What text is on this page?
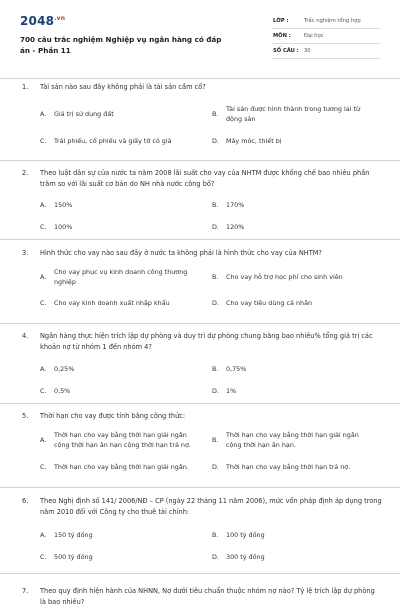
$2048^{.vn}$
700 câu trắc nghiệm Nghiệp vụ ngân hàng có đáp án - Phần 11
LỚP :	Trắc nghiệm tổng hợp
MÔN :	Đại học
SỐ CÂU : 30
1.	Tài sản nào sau đây không phải là tài sản cầm cố?
A.	Giá trị sử dụng đất	B.
Tài sản được hình thành trong tương lai từ động sản
C.	Trái phiếu, cổ phiếu và giấy tờ có giá	D.	Máy móc, thiết bị
2.	Theo luật dân sự của nước ta năm 2008 lãi suất cho vay của NHTM được khống chế bao nhiêu phần trăm so với lãi suất cơ bản do NH nhà nước công bố?
A.	150%	B.	170%
C.	100%	D.	120%
3.	Hình thức cho vay nào sau đây ở nước ta không phải là hình thức cho vay của NHTM?
A.
Cho vay phục vụ kinh doanh công thương nghiệp
B.	Cho vay hỗ trợ học phí cho sinh viên
C.	Cho vay kinh doanh xuất nhập khẩu	D.	Cho vay tiêu dùng cá nhân
4.	Ngân hàng thực hiện trích lập dự phòng và duy trì dự phòng chung bằng bao nhiêu% tổng giá trị các khoản nợ từ nhóm 1 đến nhóm 4?
A.	0,25%	B.	0,75%
C.	0,5%	D.	1%
5.	Thời hạn cho vay được tính bằng công thức:
A.
Thời hạn cho vay bằng thời hạn giải ngân cộng thời hạn ân hạn cộng thời hạn trả nợ.
B.
Thời hạn cho vay bằng thời hạn giải ngân cộng thời hạn ân hạn.
C.	Thời hạn cho vay bằng thời hạn giải ngân.	D.	Thời hạn cho vay bằng thời hạn trả nợ.
6.	Theo Nghị định số 141/ 2006/NĐ – CP (ngày 22 tháng 11 năm 2006), mức vốn pháp định áp dụng trong năm 2010 đối với Công ty cho thuê tài chính:
A.	150 tỷ đồng	B.	100 tỷ đồng
C.	500 tỷ đồng	D.	300 tỷ đồng
7.	Theo quy định hiện hành của NHNN, Nợ dưới tiêu chuẩn thuộc nhóm nợ nào? Tỷ lệ trích lập dự phòng là bao nhiêu?
